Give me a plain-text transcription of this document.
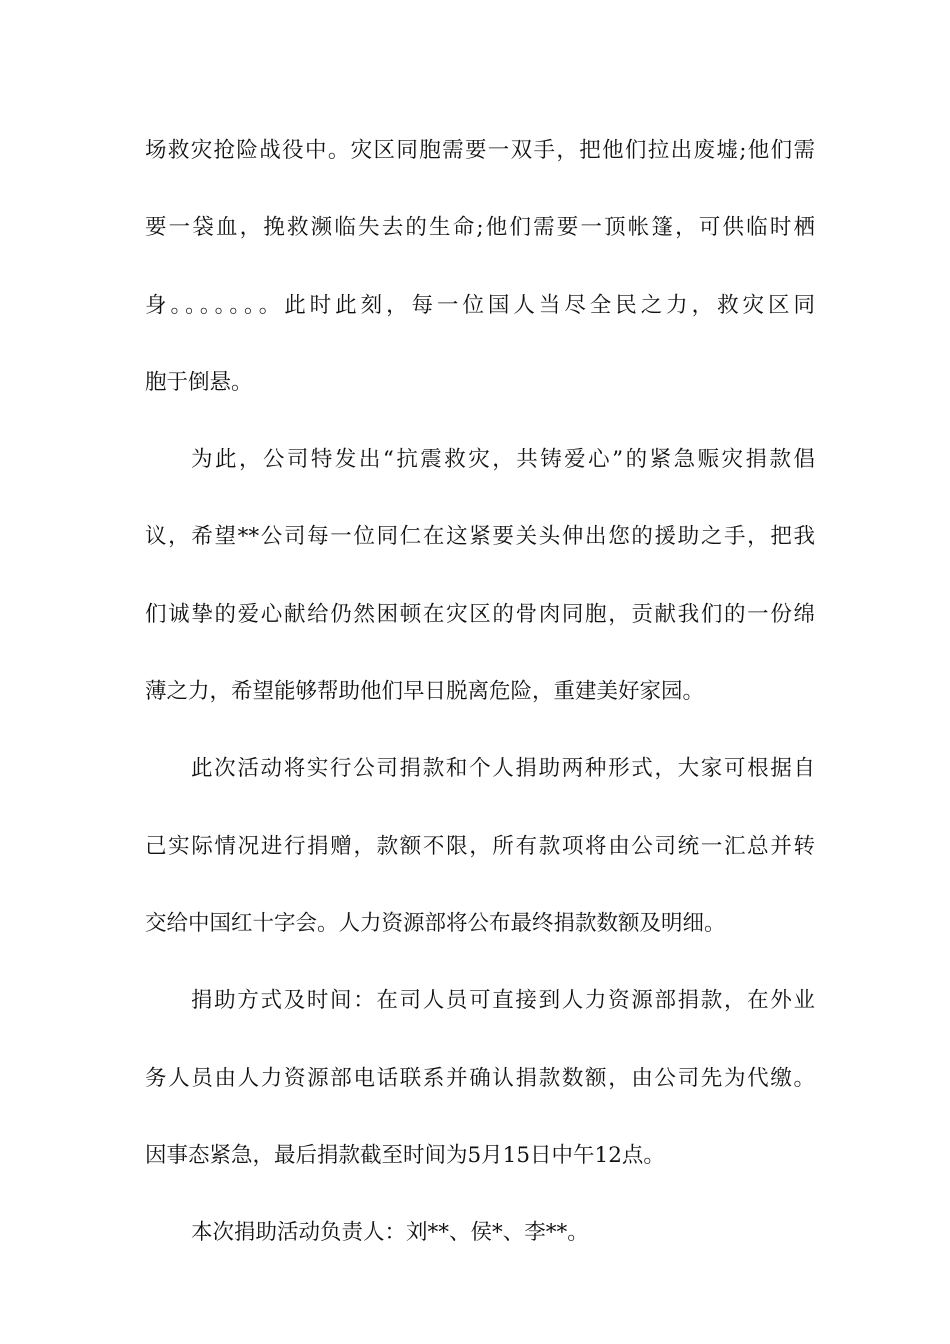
场救灾抢险战役中。灾区同胞需要一双手，把他们拉出废墟;他们需
要一袋血，挽救濒临失去的生命;他们需要一顶帐篷，可供临时栖
身。。。。。。。此时此刻，每一位国人当尽全民之力，救灾区同
胞于倒悬。
为此，公司特发出“抗震救灾，共铸爱心”的紧急赈灾捐款倡
议，希望**公司每一位同仁在这紧要关头伸出您的援助之手，把我
们诚挚的爱心献给仍然困顿在灾区的骨肉同胞，贡献我们的一份绵
薄之力，希望能够帮助他们早日脱离危险，重建美好家园。
此次活动将实行公司捐款和个人捐助两种形式，大家可根据自
己实际情况进行捐赠，款额不限，所有款项将由公司统一汇总并转
交给中国红十字会。人力资源部将公布最终捐款数额及明细。
捐助方式及时间：在司人员可直接到人力资源部捐款，在外业
务人员由人力资源部电话联系并确认捐款数额，由公司先为代缴。
因事态紧急，最后捐款截至时间为5月15日中午12点。
本次捐助活动负责人：刘**、侯*、李**。
